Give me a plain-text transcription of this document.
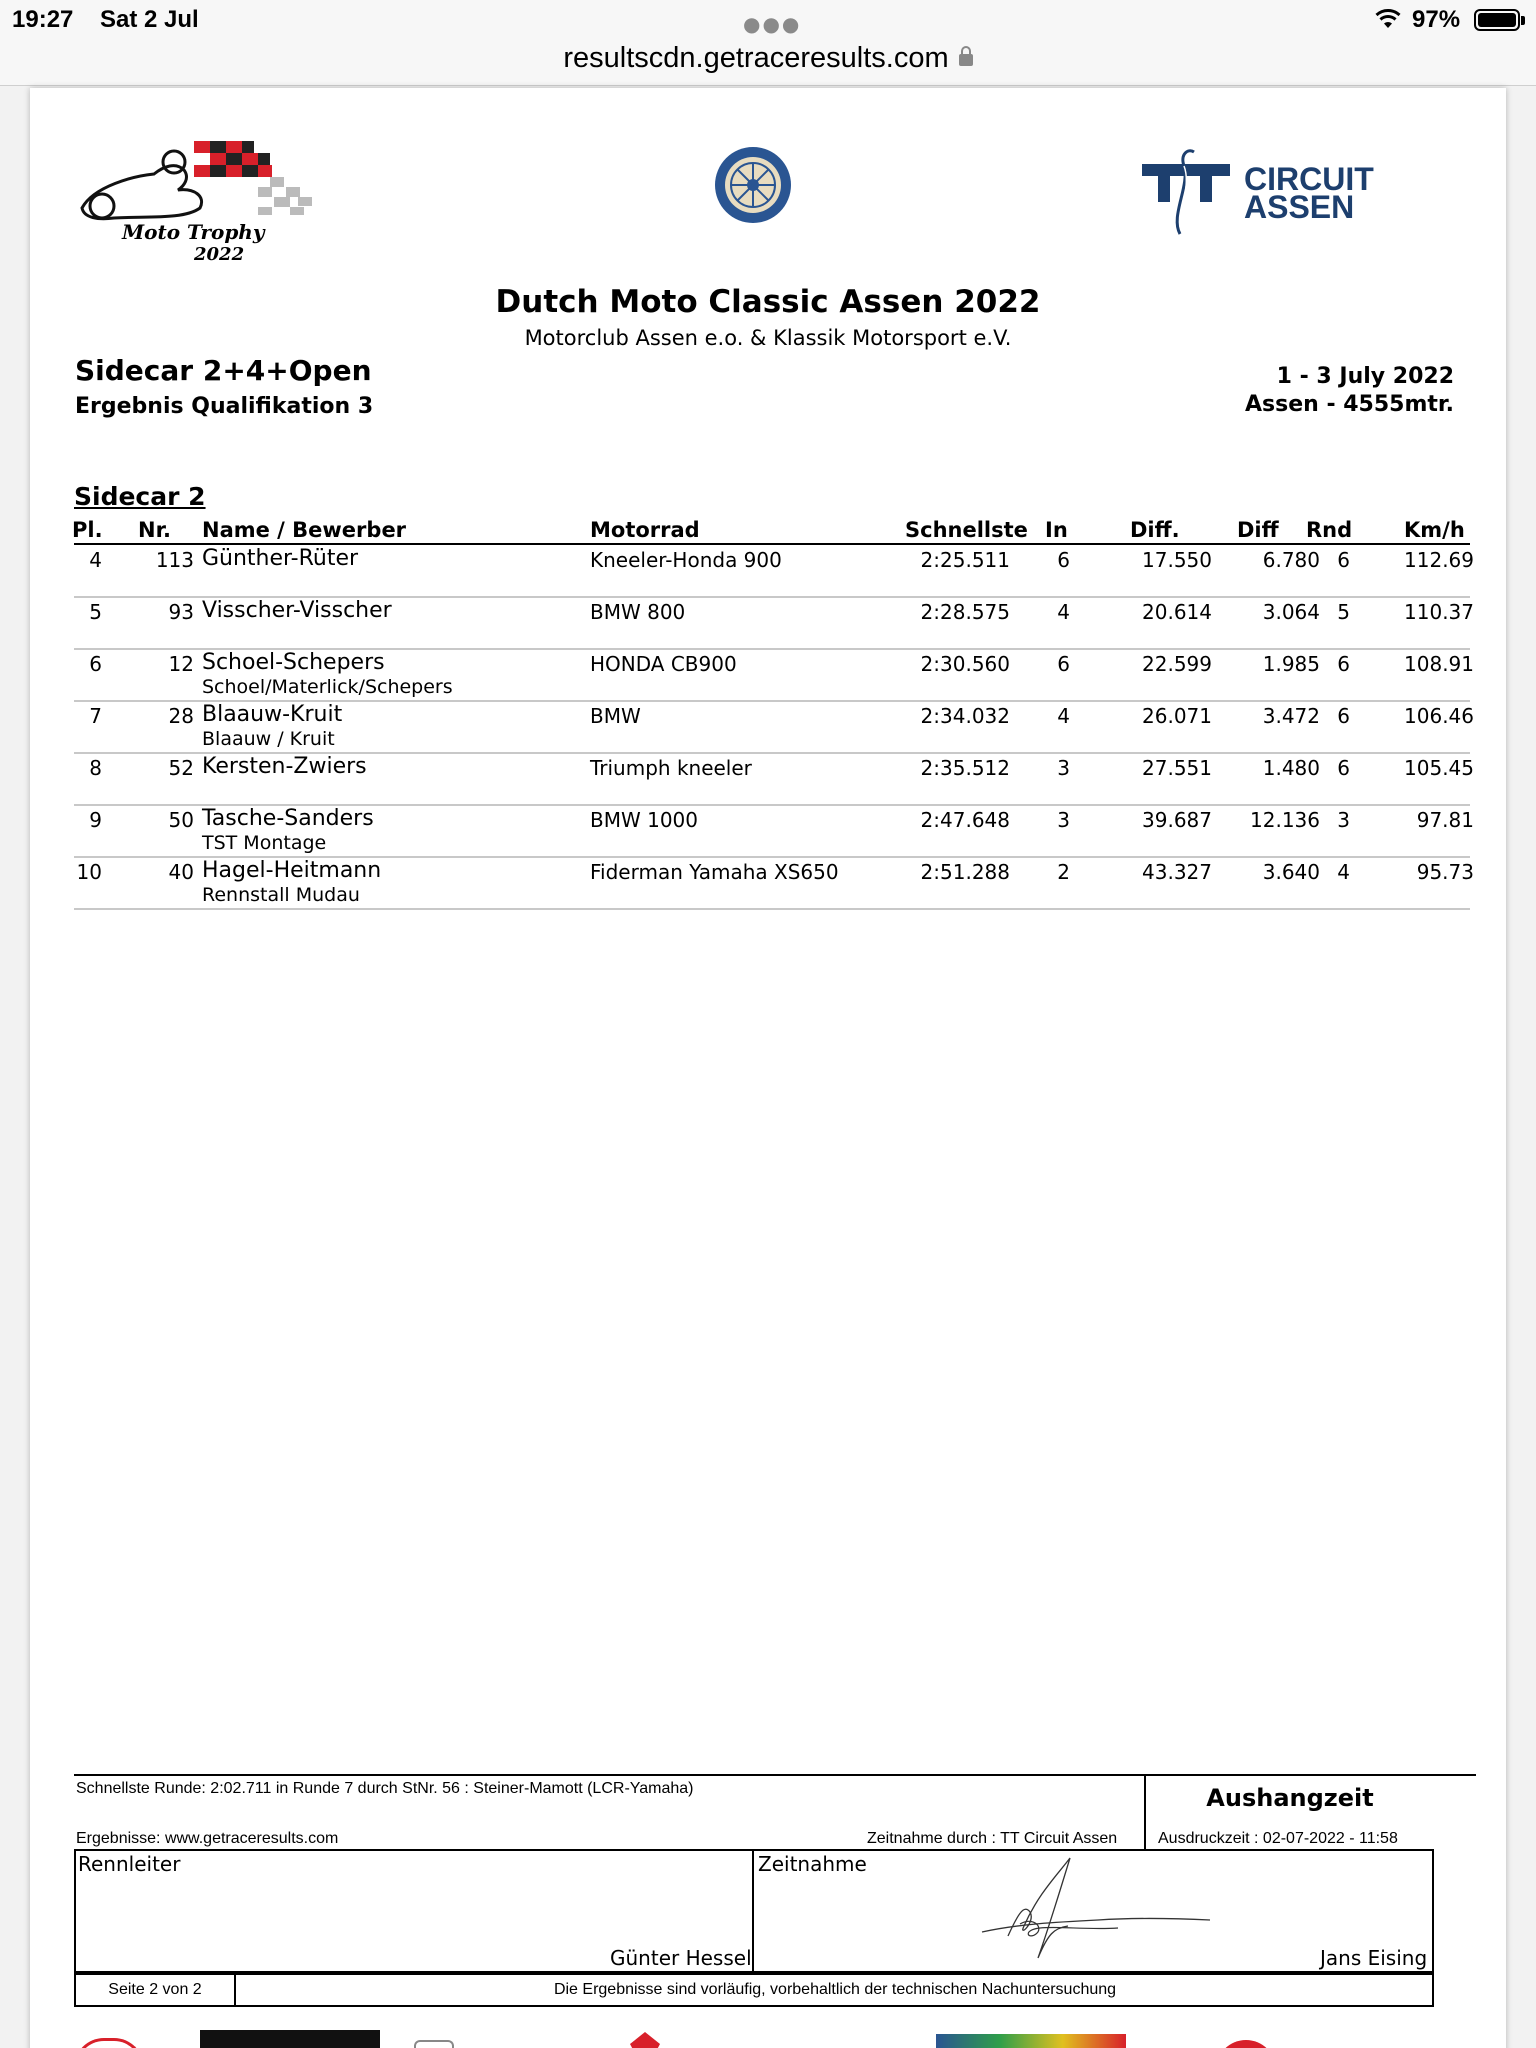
19:27 Sat 2 Jul	●●●	97%
resultscdn.getraceresults.com
Moto Trophy
2022
CIRCUIT
ASSEN
Dutch Moto Classic Assen 2022
Motorclub Assen e.o. & Klassik Motorsport e.V.
Sidecar 2+4+Open
Ergebnis Qualifikation 3
1 - 3 July 2022
Assen - 4555mtr.
Sidecar 2
Pl. Nr. Name / Bewerber	Motorrad	Schnellste In	Diff.	Diff Rnd Km/h
4	113 Günther-Rüter	Kneeler-Honda 900	2:25.511	6	17.550	6.780 6	112.69
5	93 Visscher-Visscher	BMW 800	2:28.575	4	20.614	3.064 5	110.37
6	12 Schoel-Schepers	HONDA CB900	2:30.560	6	22.599	1.985 6	108.91
Schoel/Materlick/Schepers
7	28 Blaauw-Kruit	BMW	2:34.032	4	26.071	3.472 6	106.46
Blaauw / Kruit
8	52 Kersten-Zwiers	Triumph kneeler	2:35.512	3	27.551	1.480 6	105.45
9	50 Tasche-Sanders	BMW 1000	2:47.648	3	39.687	12.136 3	97.81
TST Montage
10	40 Hagel-Heitmann	Fiderman Yamaha XS650	2:51.288	2	43.327	3.640 4	95.73
Rennstall Mudau
Schnellste Runde: 2:02.711 in Runde 7 durch StNr. 56 : Steiner-Mamott (LCR-Yamaha)	Aushangzeit
Ergebnisse: www.getraceresults.com	Zeitnahme durch : TT Circuit Assen	Ausdruckzeit : 02-07-2022 - 11:58
Rennleiter
Günter Hessel
Zeitnahme
Jans Eising
Seite 2 von 2	Die Ergebnisse sind vorläufig, vorbehaltlich der technischen Nachuntersuchung
